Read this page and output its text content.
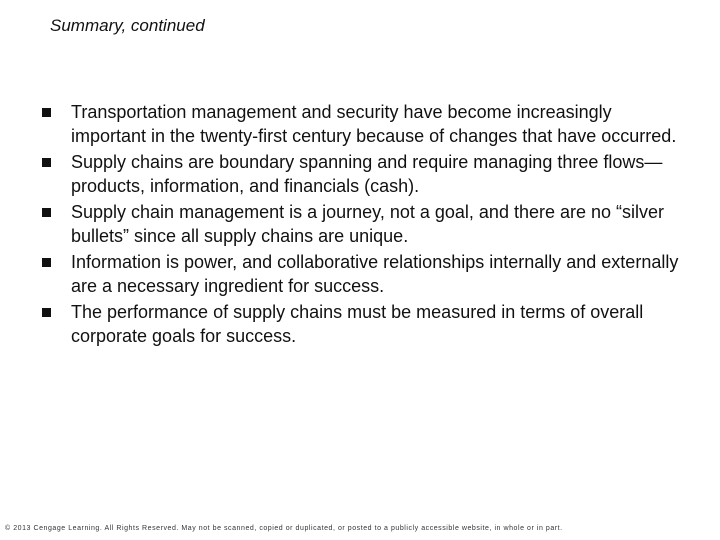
Summary, continued
Transportation management and security have become increasingly important in the twenty-first century because of changes that have occurred.
Supply chains are boundary spanning and require managing three flows—products, information, and financials (cash).
Supply chain management is a journey, not a goal, and there are no “silver bullets” since all supply chains are unique.
Information is power, and collaborative relationships internally and externally are a necessary ingredient for success.
The performance of supply chains must be measured in terms of overall corporate goals for success.
© 2013 Cengage Learning. All Rights Reserved. May not be scanned, copied or duplicated, or posted to a publicly accessible website, in whole or in part.
